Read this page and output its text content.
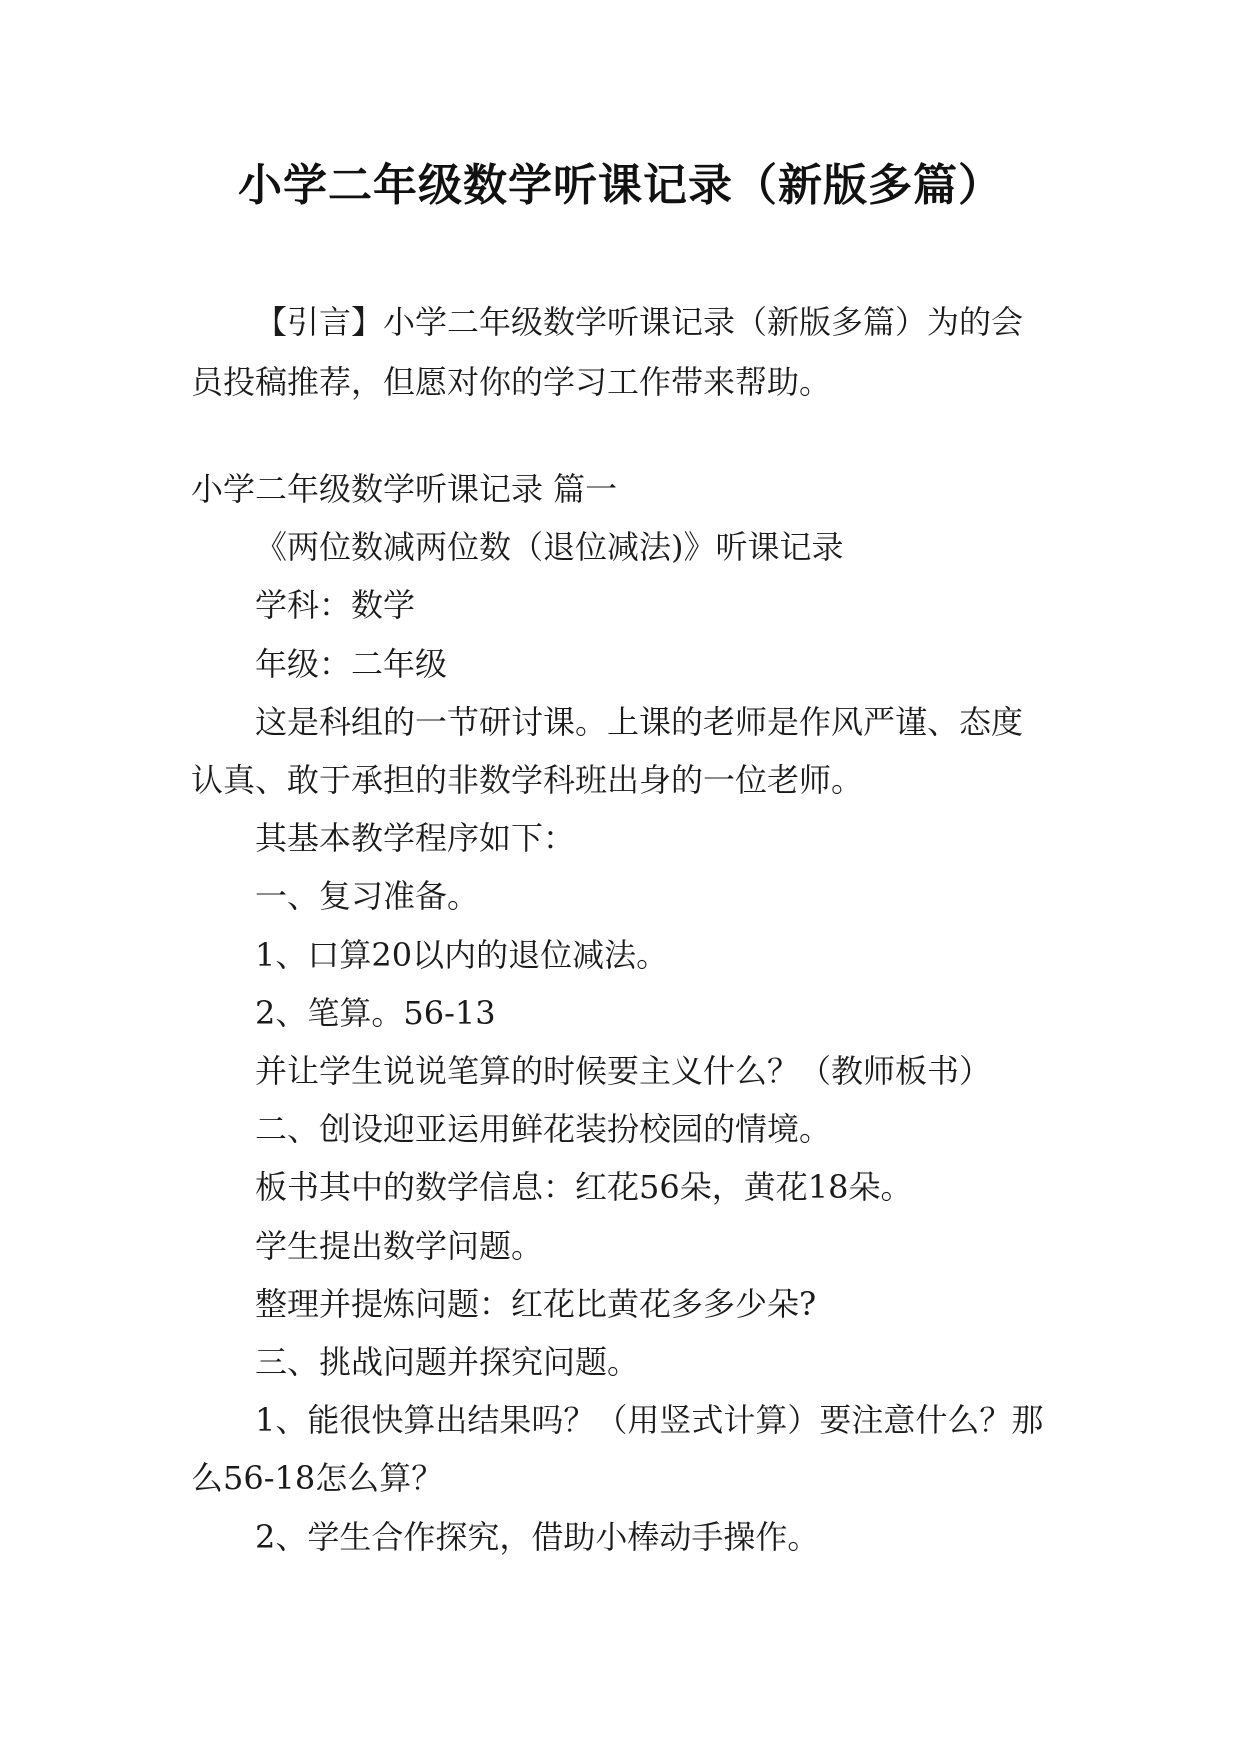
小学二年级数学听课记录（新版多篇）

【引言】小学二年级数学听课记录（新版多篇）为的会员投稿推荐，但愿对你的学习工作带来帮助。

小学二年级数学听课记录 篇一

《两位数减两位数（退位减法)》听课记录

学科：数学

年级：二年级

这是科组的一节研讨课。上课的老师是作风严谨、态度认真、敢于承担的非数学科班出身的一位老师。

其基本教学程序如下：

一、复习准备。

1、口算20以内的退位减法。

2、笔算。56-13

并让学生说说笔算的时候要主义什么？（教师板书）

二、创设迎亚运用鲜花装扮校园的情境。

板书其中的数学信息：红花56朵，黄花18朵。

学生提出数学问题。

整理并提炼问题：红花比黄花多多少朵?

三、挑战问题并探究问题。

1、能很快算出结果吗？（用竖式计算）要注意什么？那么56-18怎么算？

2、学生合作探究，借助小棒动手操作。
